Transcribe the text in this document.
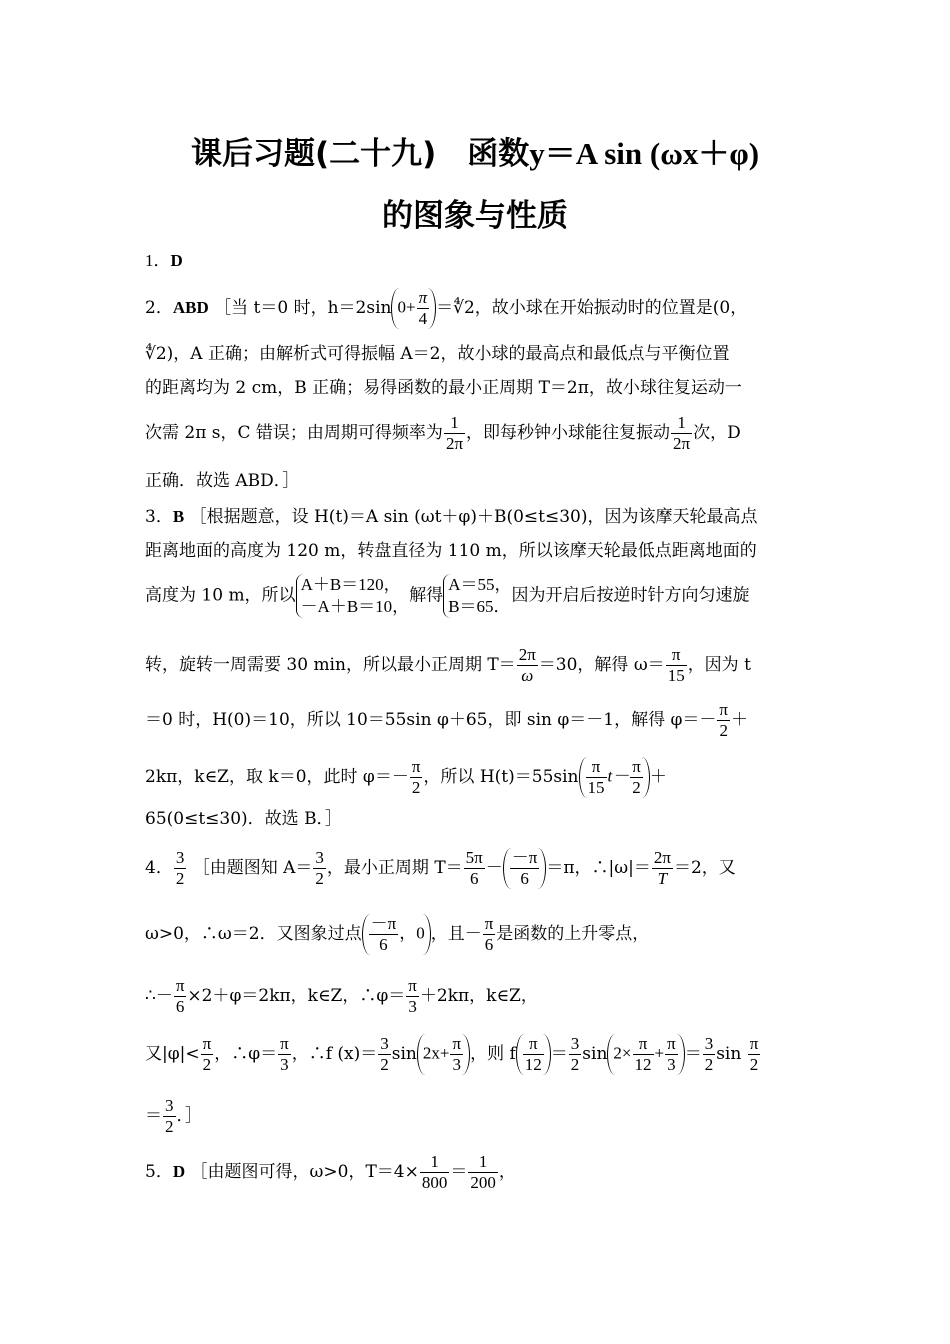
课后习题(二十九)　函数y＝A sin (ωx＋φ)
的图象与性质
1．D
2．ABD ［当 t＝0 时，h＝2sin $0+ \frac{\pi}{4}$ ＝∜2，故小球在开始振动时的位置是(0，
∜2)，A 正确；由解析式可得振幅 A＝2，故小球的最高点和最低点与平衡位置
的距离均为 2 cm，B 正确；易得函数的最小正周期 T＝2π，故小球往复运动一
次需 2π s，C 错误；由周期可得频率为 $\frac{1}{2\pi}$ ，即每秒钟小球能往复振动 $\frac{1}{2\pi}$ 次，D
正确．故选 ABD．］
3．B ［根据题意，设 H(t)＝A sin (ωt＋φ)＋B(0≤t≤30)，因为该摩天轮最高点
距离地面的高度为 120 m，转盘直径为 110 m，所以该摩天轮最低点距离地面的
高度为 10 m，所以
A＋B＝120，
－A＋B＝10，
解得
A＝55，
B＝65．
因为开启后按逆时针方向匀速旋
转，旋转一周需要 30 min，所以最小正周期 $T= \frac{2\pi}{\omega} =30$，解得 $\omega= \frac{\pi}{15}$ ，因为 t
＝0 时，H(0)＝10，所以 10＝55sin φ＋65，即 sin φ＝－1，解得 $\varphi=- \frac{\pi}{2}$ ＋
2kπ，k∈Z，取 k＝0，此时 $\varphi=- \frac{\pi}{2}$ ，所以 $H(t)=55\sin \frac{\pi}{15} t- \frac{\pi}{2}$ ＋
65(0≤t≤30)．故选 B．］
4． $\frac{3}{2}$ ［由题图知 $A= \frac{3}{2}$ ，最小正周期 $T= \frac{5\pi}{6} - \frac{-\pi}{6} =\pi$，∴|ω|＝ $\frac{2\pi}{T} =2$，又
ω>0，∴ω＝2．又图象过点 $\frac{-\pi}{6}$ ，0 ，且－ $\frac{\pi}{6}$ 是函数的上升零点，
∴－ $\frac{\pi}{6} \times 2+\varphi=2k\pi$，k∈Z，∴φ＝ $\frac{\pi}{3} +2k\pi$，k∈Z，
又$|\varphi|< \frac{\pi}{2}$ ，∴φ＝ $\frac{\pi}{3}$ ，∴f $(x)= \frac{3}{2}$ $\sin 2x+ \frac{\pi}{3}$ ，则 f $\frac{\pi}{12} = \frac{3}{2}$ $\sin 2\times \frac{\pi}{12} + \frac{\pi}{3} = \frac{3}{2}$ $\sin \frac{\pi}{2}$
＝ $\frac{3}{2}$ ．］
5．D ［由题图可得，ω>0，$T=4\times \frac{1}{800} = \frac{1}{200}$ ，
